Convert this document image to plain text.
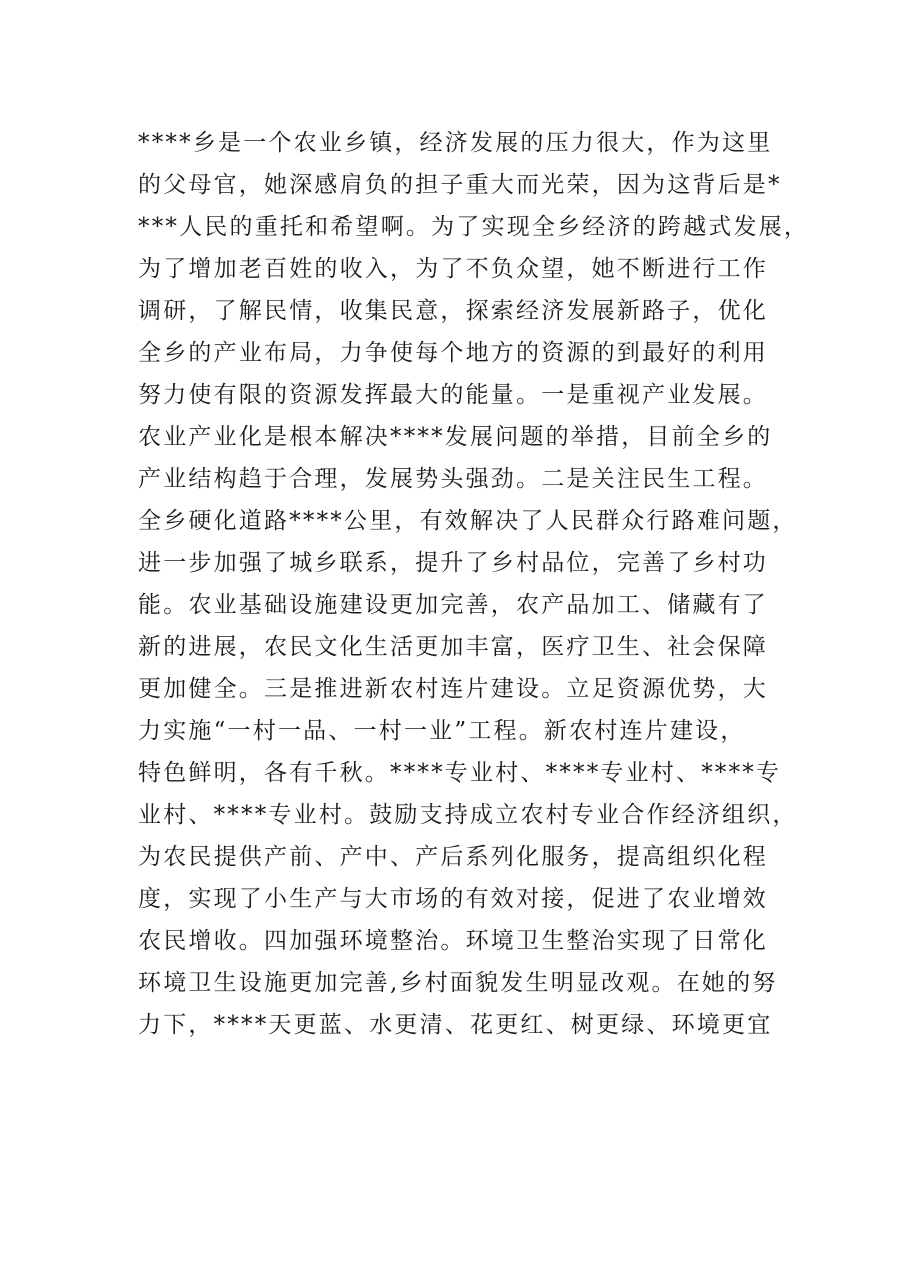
****乡是一个农业乡镇，经济发展的压力很大，作为这里
的父母官，她深感肩负的担子重大而光荣，因为这背后是*
***人民的重托和希望啊。为了实现全乡经济的跨越式发展，
为了增加老百姓的收入，为了不负众望，她不断进行工作
调研，了解民情，收集民意，探索经济发展新路子，优化
全乡的产业布局，力争使每个地方的资源的到最好的利用
努力使有限的资源发挥最大的能量。一是重视产业发展。
农业产业化是根本解决****发展问题的举措，目前全乡的
产业结构趋于合理，发展势头强劲。二是关注民生工程。
全乡硬化道路****公里，有效解决了人民群众行路难问题，
进一步加强了城乡联系，提升了乡村品位，完善了乡村功
能。农业基础设施建设更加完善，农产品加工、储藏有了
新的进展，农民文化生活更加丰富，医疗卫生、社会保障
更加健全。三是推进新农村连片建设。立足资源优势，大
力实施“一村一品、一村一业”工程。新农村连片建设，
特色鲜明，各有千秋。****专业村、****专业村、****专
业村、****专业村。鼓励支持成立农村专业合作经济组织，
为农民提供产前、产中、产后系列化服务，提高组织化程
度，实现了小生产与大市场的有效对接，促进了农业增效
农民增收。四加强环境整治。环境卫生整治实现了日常化
环境卫生设施更加完善,乡村面貌发生明显改观。在她的努
力下，****天更蓝、水更清、花更红、树更绿、环境更宜
